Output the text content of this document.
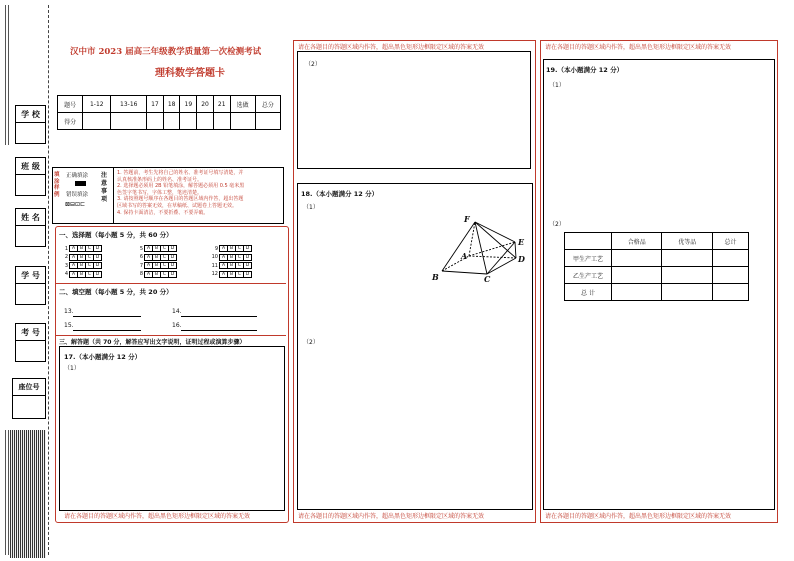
学 校
班 级
姓 名
学 号
考 号
座位号
汉中市 2023 届高三年级教学质量第一次检测考试
理科数学答题卡
题号	1-12	13-16	17	18	19	20	21	选做	总分
得分									
填涂样例
正确填涂
错误填涂
⊠⊟⊡⊏
注意事项
1. 答题前，考生先将自己的姓名、准考证号填写清楚，并
认真核准条形码上的姓名、准考证号。
2. 选择题必须用 2B 铅笔填涂，解答题必须用 0.5 毫米黑
色签字笔书写，字体工整，笔迹清楚。
3. 请按照题号顺序在各题目的答题区域内作答，超出答题
区域书写的答案无效，在草稿纸、试题卷上答题无效。
4. 保持卡面清洁，不要折叠、不要弄破。
一、选择题（每小题 5 分，共 60 分）
1 A	B	C	D
2 A	B	C	D
3 A	B	C	D
4 A	B	C	D
5 A	B	C	D
6 A	B	C	D
7 A	B	C	D
8 A	B	C	D
9 A	B	C	D
10 A	B	C	D
11 A	B	C	D
12 A	B	C	D
二、填空题（每小题 5 分，共 20 分）
13.	14.
15.	16.
三、解答题（共 70 分，解答应写出文字说明，证明过程或演算步骤）
17.（本小题满分 12 分）
（1）
请在各题目的答题区域内作答，超出黑色矩形边框限定区域的答案无效
请在各题目的答题区域内作答，超出黑色矩形边框限定区域的答案无效
（2）
18.（本小题满分 12 分）
（1）
（2）
F
E
A	D
B	C
请在各题目的答题区域内作答，超出黑色矩形边框限定区域的答案无效
请在各题目的答题区域内作答，超出黑色矩形边框限定区域的答案无效
19.（本小题满分 12 分）
（1）
（2）
	合格品	优等品	总计
甲生产工艺			
乙生产工艺			
总 计			
请在各题目的答题区域内作答，超出黑色矩形边框限定区域的答案无效
